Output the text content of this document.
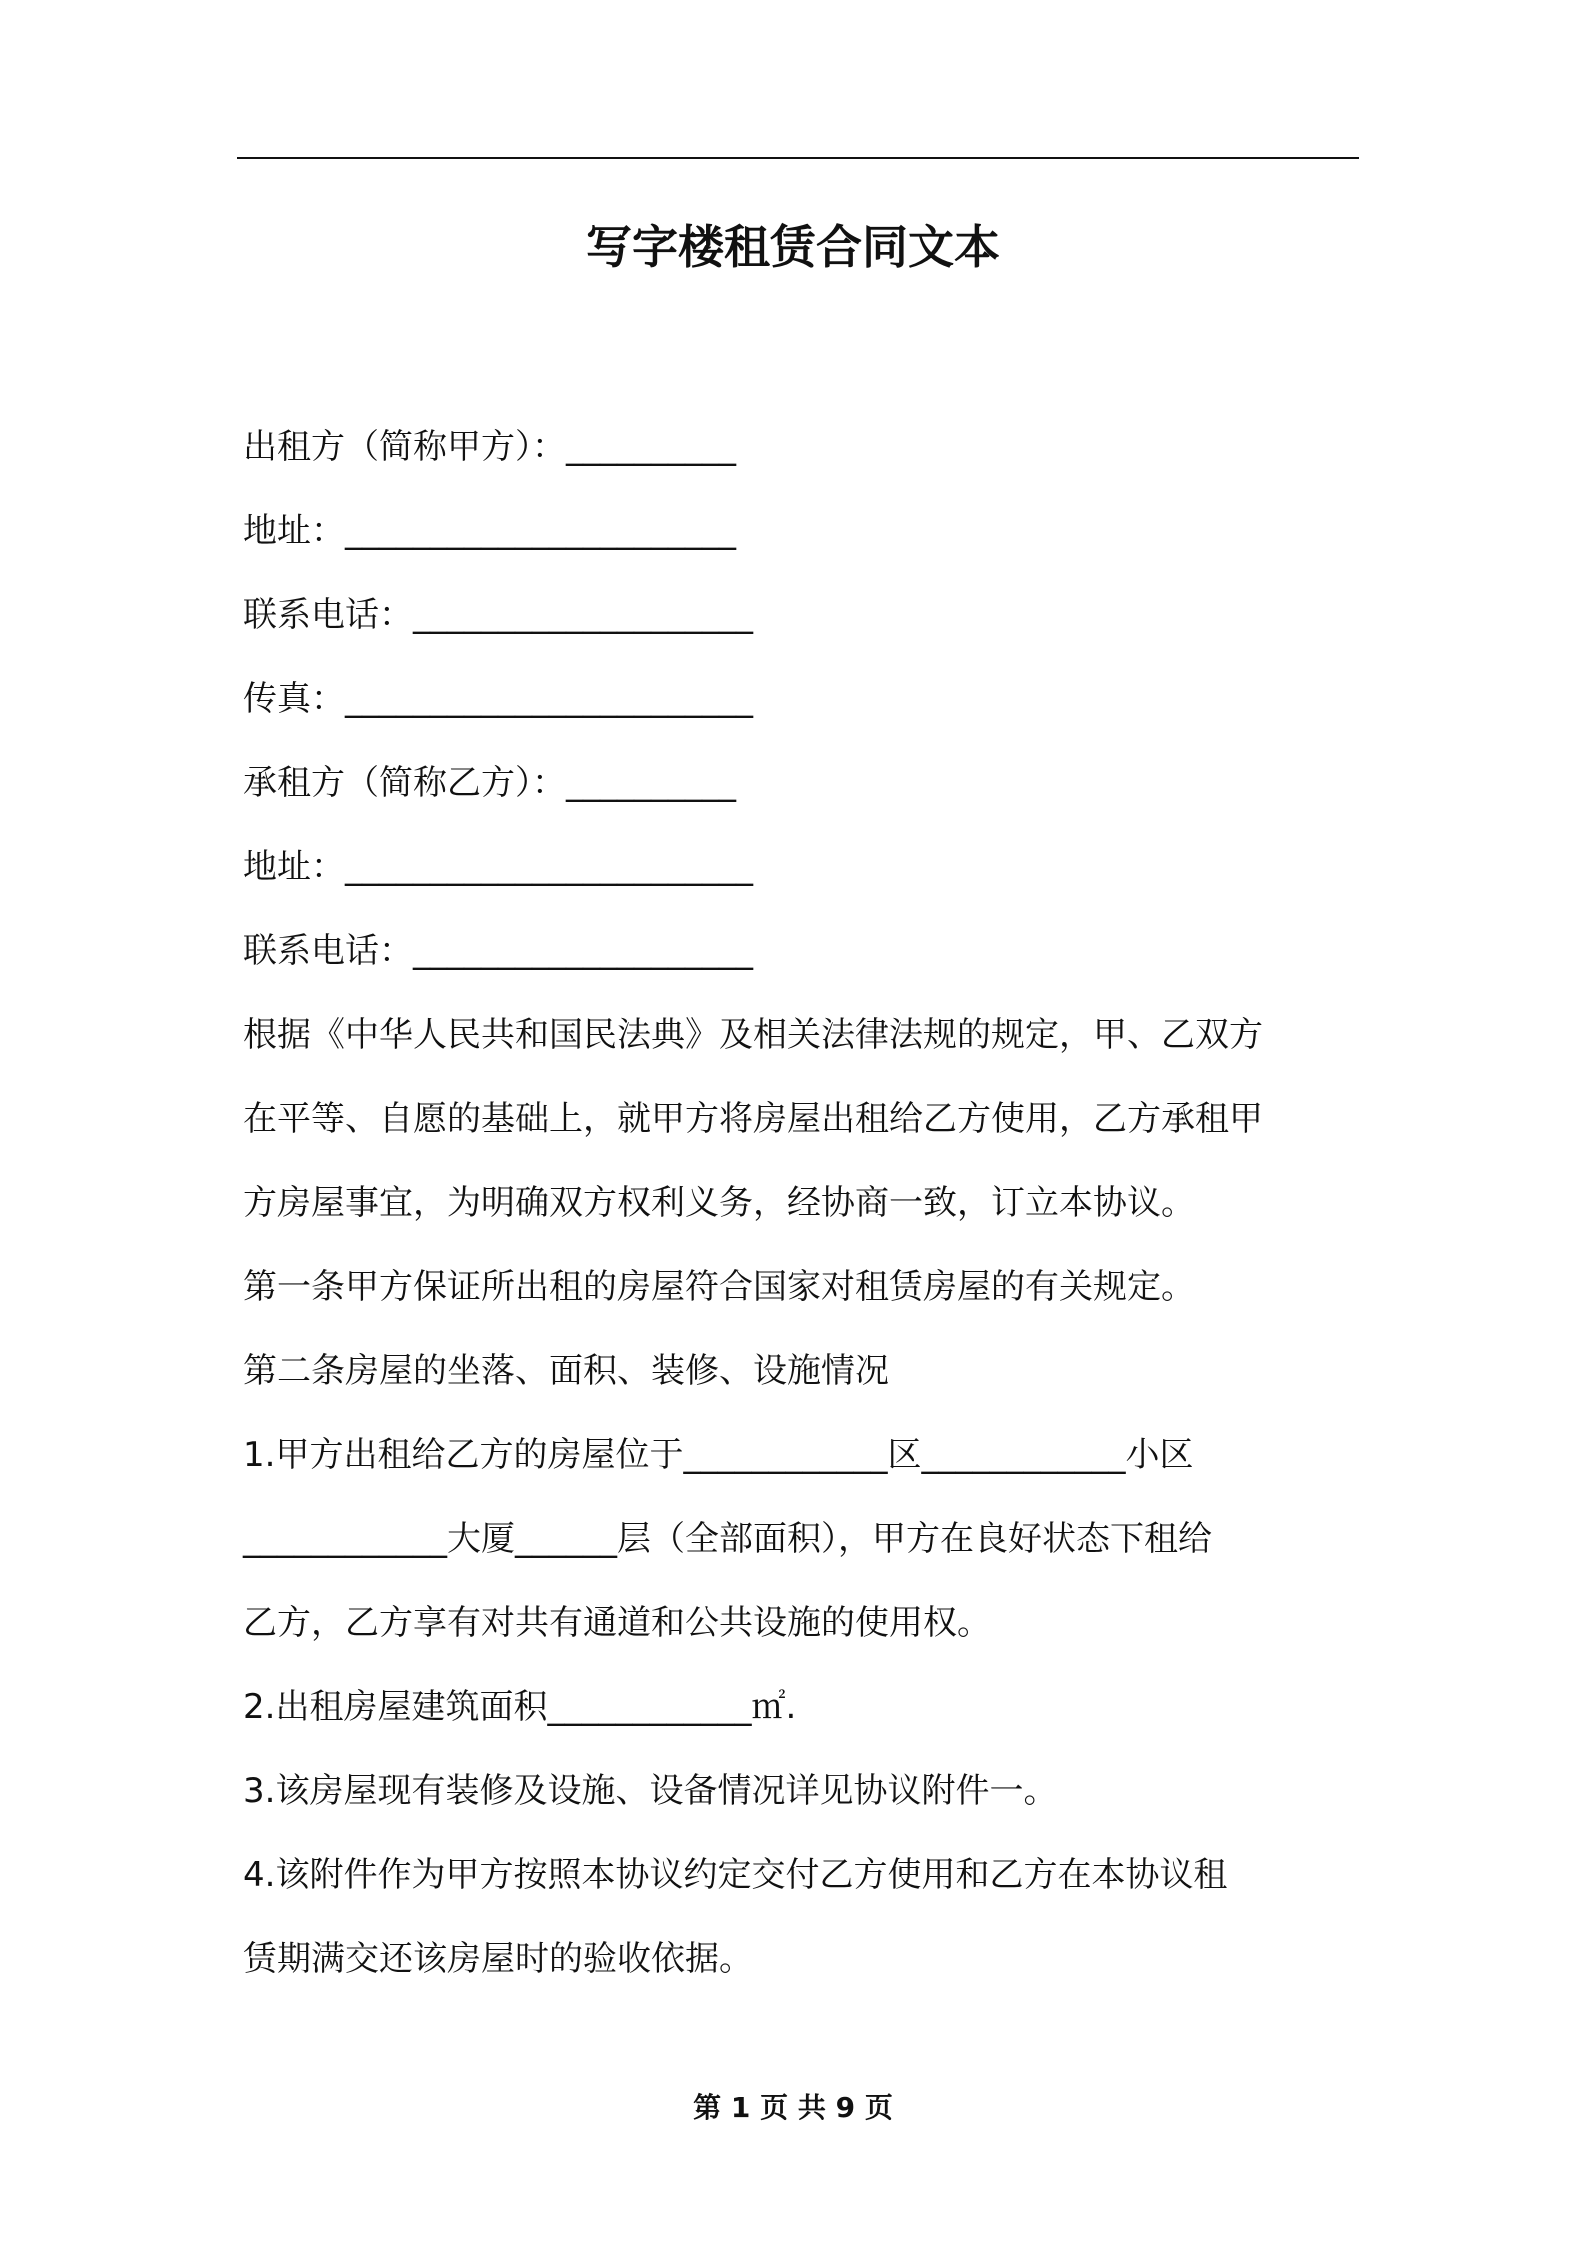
写字楼租赁合同文本
出租方（简称甲方）：__________
地址：_______________________
联系电话：____________________
传真：________________________
承租方（简称乙方）：__________
地址：________________________
联系电话：____________________
根据《中华人民共和国民法典》及相关法律法规的规定，甲、乙双方
在平等、自愿的基础上，就甲方将房屋出租给乙方使用，乙方承租甲
方房屋事宜，为明确双方权利义务，经协商一致，订立本协议。
第一条甲方保证所出租的房屋符合国家对租赁房屋的有关规定。
第二条房屋的坐落、面积、装修、设施情况
1.甲方出租给乙方的房屋位于____________区____________小区
____________大厦______层（全部面积），甲方在良好状态下租给
乙方，乙方享有对共有通道和公共设施的使用权。
2.出租房屋建筑面积____________㎡.
3.该房屋现有装修及设施、设备情况详见协议附件一。
4.该附件作为甲方按照本协议约定交付乙方使用和乙方在本协议租
赁期满交还该房屋时的验收依据。
第 1 页 共 9 页
